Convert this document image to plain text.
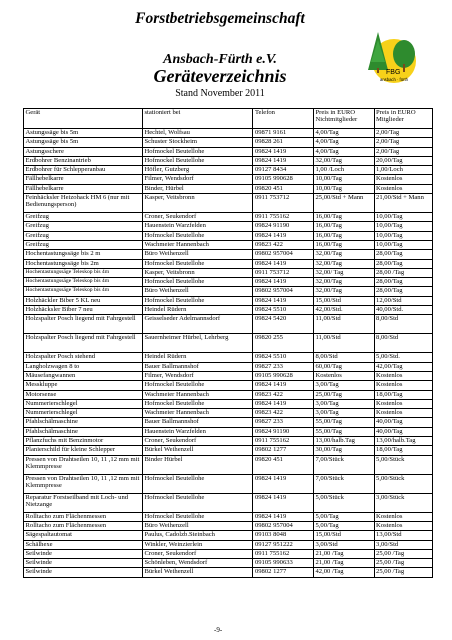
Forstbetriebsgemeinschaft

Ansbach-Fürth e.V.

Geräteverzeichnis

Stand November 2011
FBG
ansbach · fürth
Gerät	stationiert bei	Telefon	Preis in EURO Nichtmitglieder	Preis in EURO Mitglieder
Astungssäge bis 5m	Hechtel, Wolfsau	09871 9161	4,00/Tag	2,00/Tag
Astungssäge bis 5m	Schuster Stockheim	09828 261	4,00/Tag	2,00/Tag
Astungsschere	Hofmockel Beutellohe	09824 1419	4,00/Tag	2,00/Tag
Erdbohrer Benzinantrieb	Hofmockel Beutellohe	09824 1419	32,00/Tag	20,00/Tag
Erdbohrer für Schlepperanbau	Höfler, Gutzberg	09127 8434	1,00 /Loch	1,00/Loch
Fällhebelkarre	Filmer, Wendsdorf	09105 990628	10,00/Tag	Kostenlos
Fällhebelkarre	Binder, Hürbel	09820 451	10,00/Tag	Kostenlos
Feinhäcksler Heizohack HM 6 (nur mit Bedienungsperson)	Kasper, Veitsbronn	0911 753712	25,00/Std + Mann	21,00/Std + Mann
Greifzug	Croner, Seukendorf	0911 755162	16,00/Tag	10,00/Tag
Greifzug	Hauenstein Warzfelden	09824 91190	16,00/Tag	10,00/Tag
Greifzug	Hofmockel Beutellohe	09824 1419	16,00/Tag	10,00/Tag
Greifzug	Wachmeier Hannenbach	09823 422	16,00/Tag	10,00/Tag
Hochentastungssäge bis 2 m	Büro Weihenzell	09802 957004	32,00/Tag	28,00/Tag
Hochentastungssäge bis 2m	Hofmockel Beutellohe	09824 1419	32,00/Tag	28,00/Tag
Hochentastungssäge Teleskop bis 4m	Kasper, Veitsbronn	0911 753712	32,00/ Tag	28,00 /Tag
Hochentastungssäge Teleskop bis 4m	Hofmockel Beutellohe	09824 1419	32,00/Tag	28,00/Tag
Hochentastungssäge Teleskop bis 4m	Büro Weihenzell	09802 957004	32,00/Tag	28,00/Tag
Holzhäckler Biber 5 KL neu	Hofmockel Beutellohe	09824 1419	15,00/Std	12,00/Std
Holzhäcksler Biber 7 neu	Heindel Rüdern	09824 5510	42,00/Std.	40,00/Std.
Holzspalter Posch liegend mit Fahrgestell	Geisselseder Adelmannsdorf	09824 5420	11,00/Std	8,00/Std
Holzspalter Posch liegend mit Fahrgestell	Sauernheimer Hürbel, Lehrberg	09820 255	11,00/Std	8,00/Std
Holzspalter Posch stehend	Heindel Rüdern	09824 5510	8,00/Std	5,00/Std.
Langholzwagen 8 to	Bauer Ballmannshof	09827 233	60,00/Tag	42,00/Tag
Mäusefangwannen	Filmer, Wendsdorf	09105 990628	Kostenlos	Kostenlos
Messkluppe	Hofmockel Beutellohe	09824 1419	3,00/Tag	Kostenlos
Motorsense	Wachmeier Hannenbach	09823 422	25,00/Tag	18,00/Tag
Nummerierschlegel	Hofmockel Beutellohe	09824 1419	3,00/Tag	Kostenlos
Nummerierschlegel	Wachmeier Hannenbach	09823 422	3,00/Tag	Kostenlos
Pfahlschälmaschine	Bauer Ballmannshof	09827 233	55,00/Tag	40,00/Tag
Pfahlschälmaschine	Hauenstein Warzfelden	09824 91190	55,00/Tag	40,00/Tag
Pflanzfuchs mit Benzinmotor	Croner, Seukendorf	0911 755162	13,00/halb.Tag	13,00/halb.Tag
Planierschild für kleine Schlepper	Bürkel Weihenzell	09802 1277	30,00/Tag	18,00/Tag
Pressen von Drahtseilen 10, 11 ,12 mm mit Klemmpresse	Binder Hürbel	09820 451	7,00/Stück	5,00/Stück
Pressen von Drahtseilen 10, 11 ,12 mm mit Klemmpresse	Hofmockel Beutellohe	09824 1419	7,00/Stück	5,00/Stück
Reparatur Forstseilband mit Loch- und Nietzange	Hofmockel Beutellohe	09824 1419	5,00/Stück	3,00/Stück
Rolltacho zum Flächenmessen	Hofmockel Beutellohe	09824 1419	5,00/Tag	Kostenlos
Rolltacho zum Flächenmessen	Büro Weihenzell	09802 957004	5,00/Tag	Kostenlos
Sägespaltautomat	Paulus, Cadolzb.Steinbach	09103 8048	15,00/Std	13,00/Std
Schälhexe	Winkler, Weinzierlein	09127 951222	3,00/Std	3,00/Std
Seilwinde	Croner, Seukendorf	0911 755162	21,00 /Tag	25,00 /Tag
Seilwinde	Schönleben, Wendsdorf	09105 990633	21,00 /Tag	25,00 /Tag
Seilwinde	Bürkel Weihenzell	09802 1277	42,00 /Tag	25,00 /Tag
-9-
